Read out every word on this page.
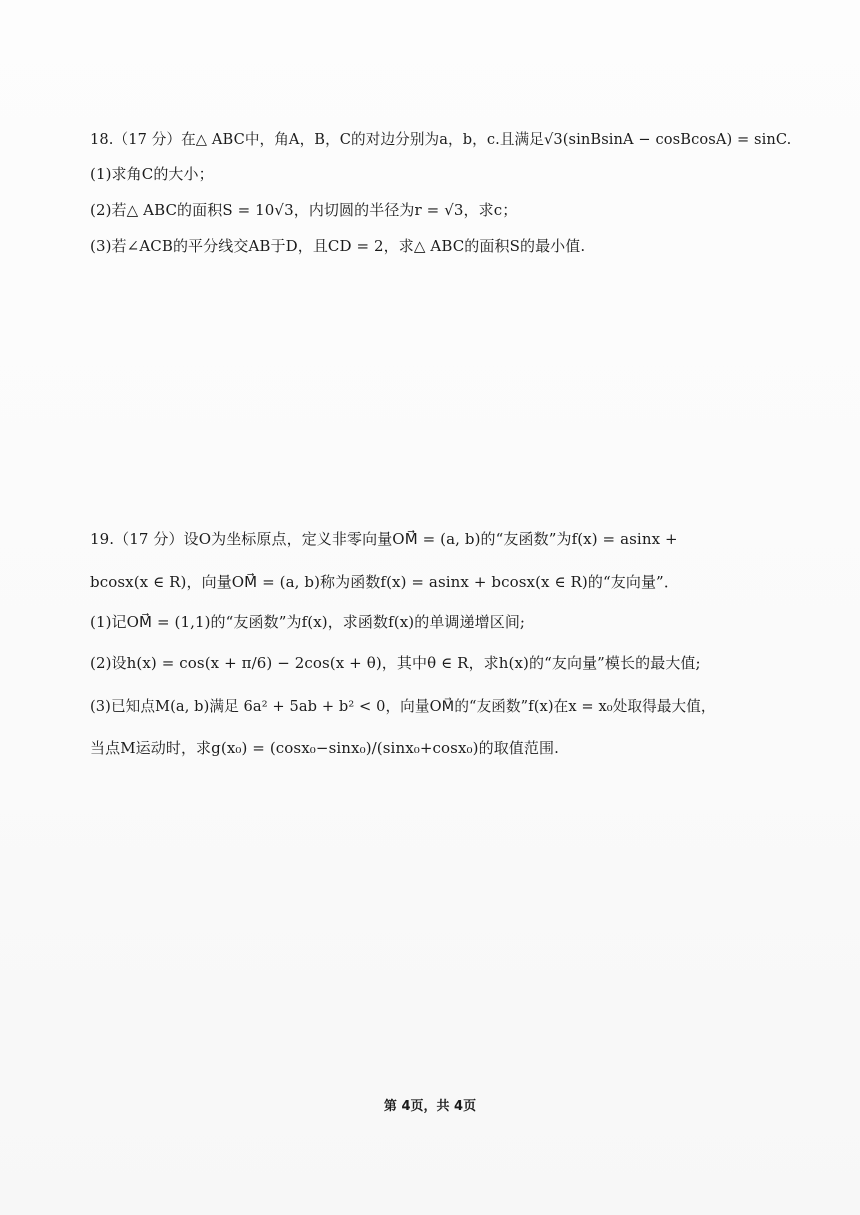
18.（17 分）在△ ABC中，角A，B，C的对边分别为a，b，c.且满足√3(sinBsinA − cosBcosA) = sinC.
(1)求角C的大小；
(2)若△ ABC的面积S = 10√3，内切圆的半径为r = √3，求c；
(3)若∠ACB的平分线交AB于D，且CD = 2，求△ ABC的面积S的最小值.
19.（17 分）设O为坐标原点，定义非零向量OM⃗ = (a, b)的“友函数”为f(x) = asinx +
bcosx(x ∈ R)，向量OM⃗ = (a, b)称为函数f(x) = asinx + bcosx(x ∈ R)的“友向量”．
(1)记OM⃗ = (1,1)的“友函数”为f(x)，求函数f(x)的单调递增区间;
(2)设h(x) = cos(x + π/6) − 2cos(x + θ)，其中θ ∈ R，求h(x)的“友向量”模长的最大值;
(3)已知点M(a, b)满足 6a² + 5ab + b² < 0，向量OM⃗的“友函数”f(x)在x = x₀处取得最大值，
当点M运动时，求g(x₀) = (cosx₀−sinx₀)/(sinx₀+cosx₀)的取值范围.
第 4页，共 4页
